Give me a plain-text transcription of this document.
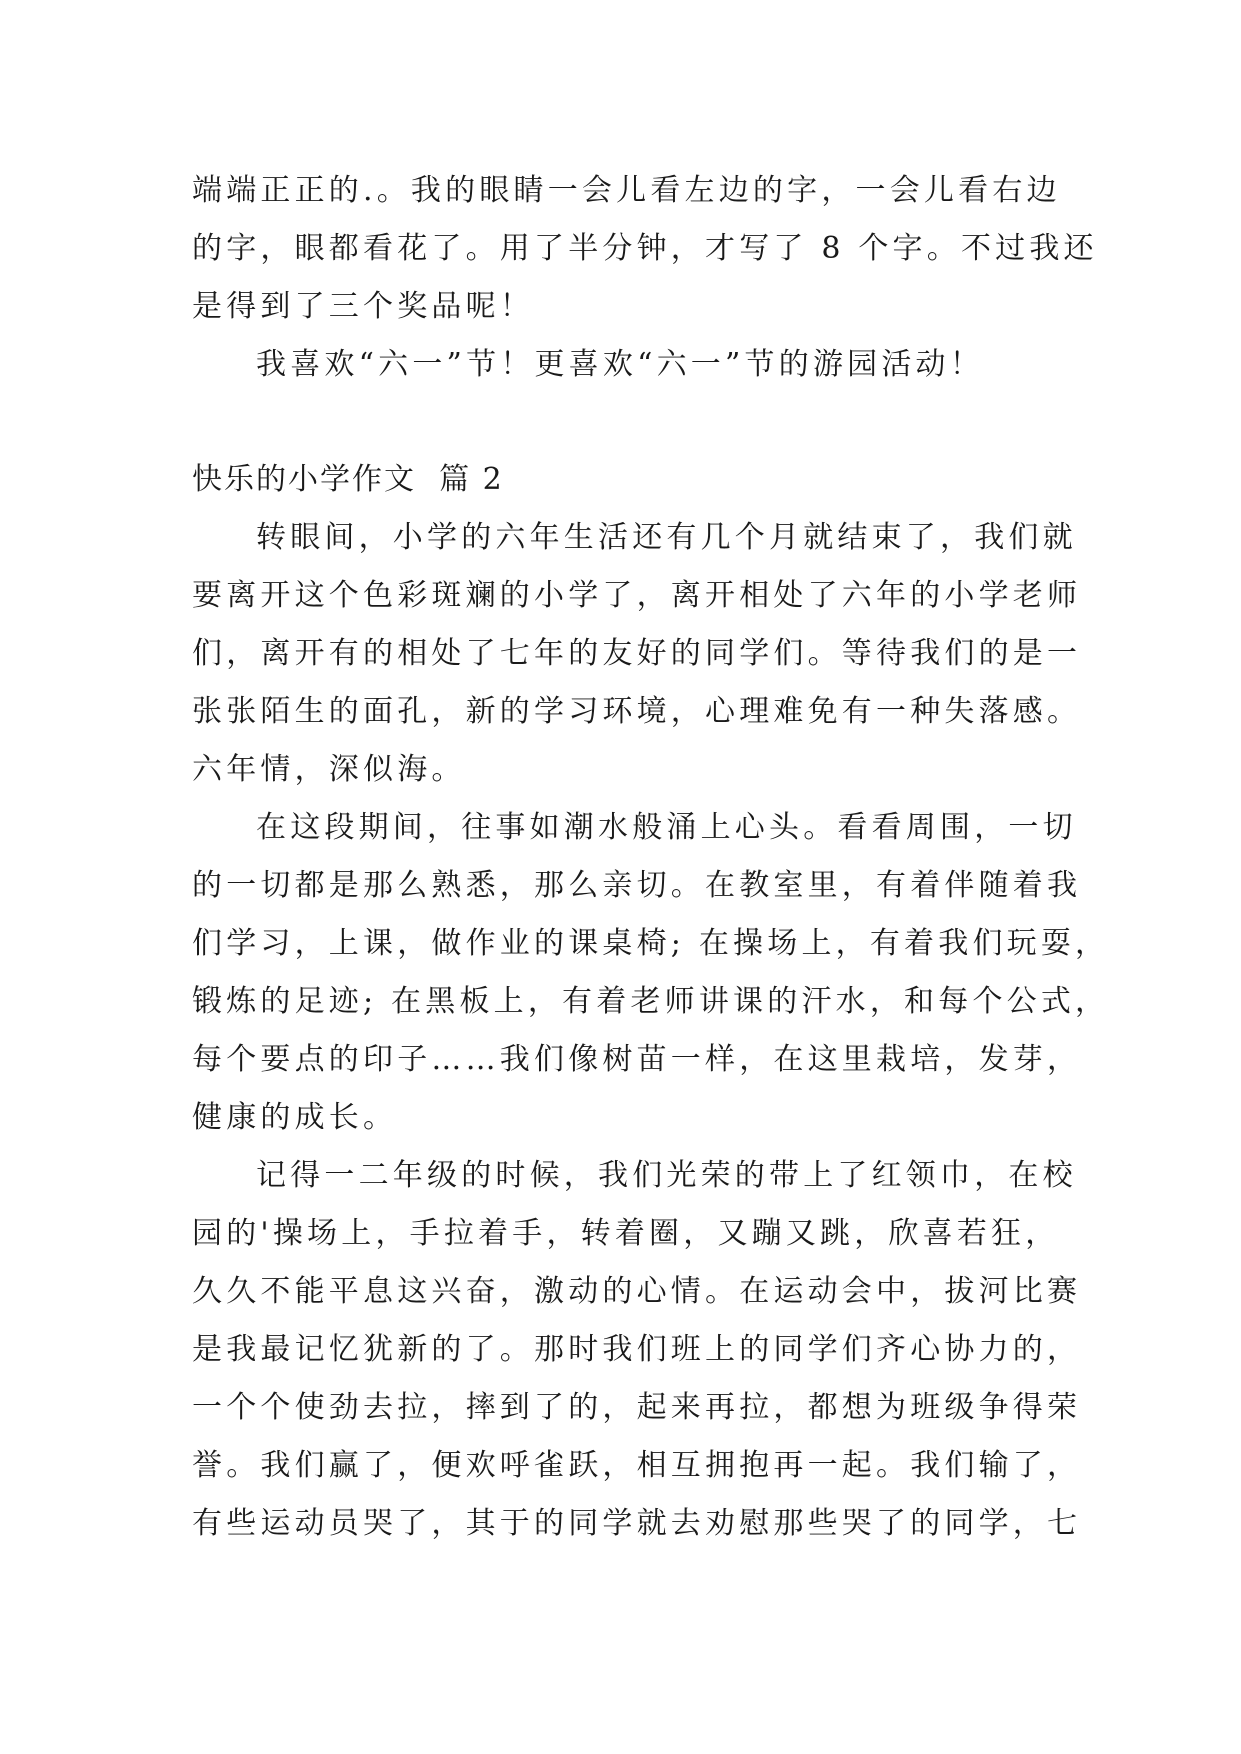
端端正正的.。我的眼睛一会儿看左边的字，一会儿看右边
的字，眼都看花了。用了半分钟，才写了 8 个字。不过我还
是得到了三个奖品呢！
我喜欢“六一”节！更喜欢“六一”节的游园活动！
快乐的小学作文  篇 2
转眼间，小学的六年生活还有几个月就结束了，我们就
要离开这个色彩斑斓的小学了，离开相处了六年的小学老师
们，离开有的相处了七年的友好的同学们。等待我们的是一
张张陌生的面孔，新的学习环境，心理难免有一种失落感。
六年情，深似海。
在这段期间，往事如潮水般涌上心头。看看周围，一切
的一切都是那么熟悉，那么亲切。在教室里，有着伴随着我
们学习，上课，做作业的课桌椅; 在操场上，有着我们玩耍，
锻炼的足迹; 在黑板上，有着老师讲课的汗水，和每个公式，
每个要点的印子……我们像树苗一样，在这里栽培，发芽，
健康的成长。
记得一二年级的时候，我们光荣的带上了红领巾，在校
园的'操场上，手拉着手，转着圈，又蹦又跳，欣喜若狂，
久久不能平息这兴奋，激动的心情。在运动会中，拔河比赛
是我最记忆犹新的了。那时我们班上的同学们齐心协力的，
一个个使劲去拉，摔到了的，起来再拉，都想为班级争得荣
誉。我们赢了，便欢呼雀跃，相互拥抱再一起。我们输了，
有些运动员哭了，其于的同学就去劝慰那些哭了的同学，七
